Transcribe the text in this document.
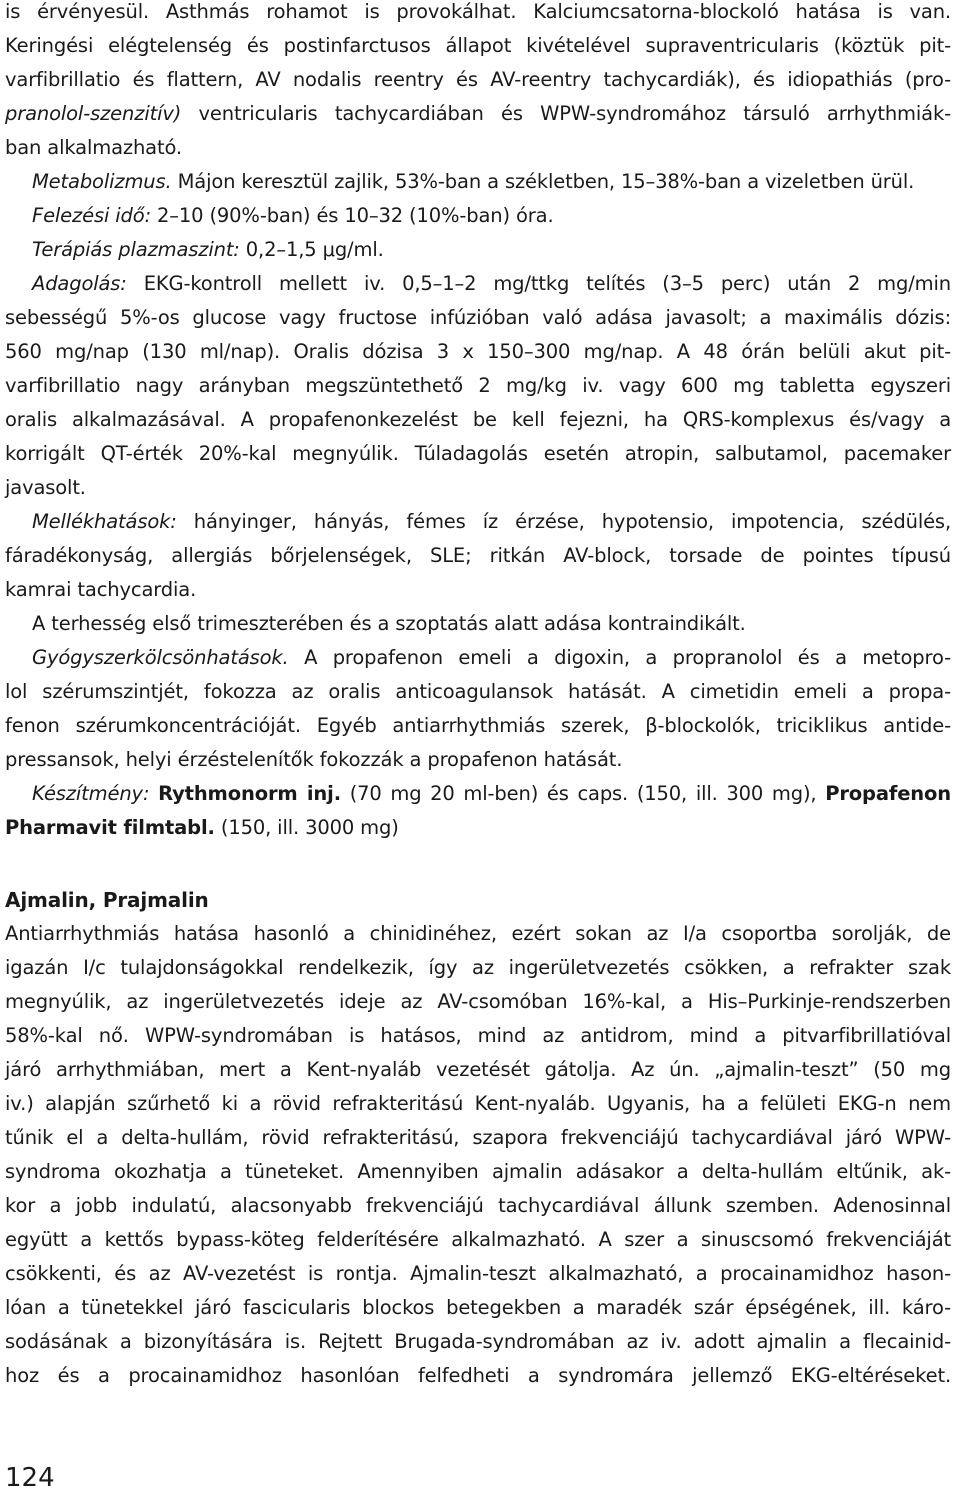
is érvényesül. Asthmás rohamot is provokálhat. Kalciumcsatorna-blockoló hatása is van.
Keringési elégtelenség és postinfarctusos állapot kivételével supraventricularis (köztük pit-
varfibrillatio és flattern, AV nodalis reentry és AV-reentry tachycardiák), és idiopathiás (pro-
pranolol-szenzitív) ventricularis tachycardiában és WPW-syndromához társuló arrhythmiák-
ban alkalmazható.
Metabolizmus. Májon keresztül zajlik, 53%-ban a székletben, 15–38%-ban a vizeletben ürül.
Felezési idő: 2–10 (90%-ban) és 10–32 (10%-ban) óra.
Terápiás plazmaszint: 0,2–1,5 μg/ml.
Adagolás: EKG-kontroll mellett iv. 0,5–1–2 mg/ttkg telítés (3–5 perc) után 2 mg/min
sebességű 5%-os glucose vagy fructose infúzióban való adása javasolt; a maximális dózis:
560 mg/nap (130 ml/nap). Oralis dózisa 3 x 150–300 mg/nap. A 48 órán belüli akut pit-
varfibrillatio nagy arányban megszüntethető 2 mg/kg iv. vagy 600 mg tabletta egyszeri
oralis alkalmazásával. A propafenonkezelést be kell fejezni, ha QRS-komplexus és/vagy a
korrigált QT-érték 20%-kal megnyúlik. Túladagolás esetén atropin, salbutamol, pacemaker
javasolt.
Mellékhatások: hányinger, hányás, fémes íz érzése, hypotensio, impotencia, szédülés,
fáradékonyság, allergiás bőrjelenségek, SLE; ritkán AV-block, torsade de pointes típusú
kamrai tachycardia.
A terhesség első trimeszterében és a szoptatás alatt adása kontraindikált.
Gyógyszerkölcsönhatások. A propafenon emeli a digoxin, a propranolol és a metopro-
lol szérumszintjét, fokozza az oralis anticoagulansok hatását. A cimetidin emeli a propa-
fenon szérumkoncentrációját. Egyéb antiarrhythmiás szerek, β-blockolók, triciklikus antide-
pressansok, helyi érzéstelenítők fokozzák a propafenon hatását.
Készítmény: Rythmonorm inj. (70 mg 20 ml-ben) és caps. (150, ill. 300 mg), Propafenon
Pharmavit filmtabl. (150, ill. 3000 mg)
Ajmalin, Prajmalin
Antiarrhythmiás hatása hasonló a chinidinéhez, ezért sokan az I/a csoportba sorolják, de
igazán I/c tulajdonságokkal rendelkezik, így az ingerületvezetés csökken, a refrakter szak
megnyúlik, az ingerületvezetés ideje az AV-csomóban 16%-kal, a His–Purkinje-rendszerben
58%-kal nő. WPW-syndromában is hatásos, mind az antidrom, mind a pitvarfibrillatióval
járó arrhythmiában, mert a Kent-nyaláb vezetését gátolja. Az ún. „ajmalin-teszt” (50 mg
iv.) alapján szűrhető ki a rövid refrakteritású Kent-nyaláb. Ugyanis, ha a felületi EKG-n nem
tűnik el a delta-hullám, rövid refrakteritású, szapora frekvenciájú tachycardiával járó WPW-
syndroma okozhatja a tüneteket. Amennyiben ajmalin adásakor a delta-hullám eltűnik, ak-
kor a jobb indulatú, alacsonyabb frekvenciájú tachycardiával állunk szemben. Adenosinnal
együtt a kettős bypass-köteg felderítésére alkalmazható. A szer a sinuscsomó frekvenciáját
csökkenti, és az AV-vezetést is rontja. Ajmalin-teszt alkalmazható, a procainamidhoz hason-
lóan a tünetekkel járó fascicularis blockos betegekben a maradék szár épségének, ill. káro-
sodásának a bizonyítására is. Rejtett Brugada-syndromában az iv. adott ajmalin a flecainid-
hoz és a procainamidhoz hasonlóan felfedheti a syndromára jellemző EKG-eltéréseket.
124
